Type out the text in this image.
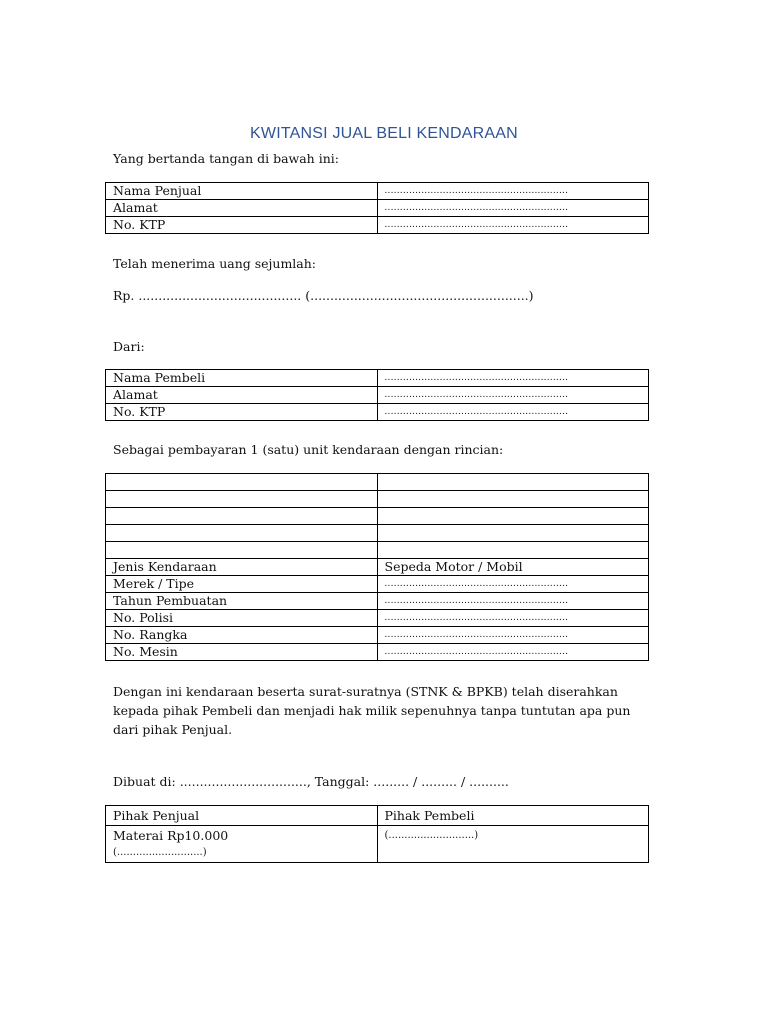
KWITANSI JUAL BELI KENDARAAN
Yang bertanda tangan di bawah ini:
Nama Penjual	............................................................
Alamat	............................................................
No. KTP	............................................................
Telah menerima uang sejumlah:
Rp. ......................................... (.......................................................)
Dari:
Nama Pembeli	............................................................
Alamat	............................................................
No. KTP	............................................................
Sebagai pembayaran 1 (satu) unit kendaraan dengan rincian:

Jenis Kendaraan	Sepeda Motor / Mobil
Merek / Tipe	............................................................
Tahun Pembuatan	............................................................
No. Polisi	............................................................
No. Rangka	............................................................
No. Mesin	............................................................
Dengan ini kendaraan beserta surat-suratnya (STNK & BPKB) telah diserahkan kepada pihak Pembeli dan menjadi hak milik sepenuhnya tanpa tuntutan apa pun dari pihak Penjual.
Dibuat di: ................................, Tanggal: ......... / ......... / ..........
Pihak Penjual	Pihak Pembeli

Materai Rp10.000
(...........................)	(...........................)
